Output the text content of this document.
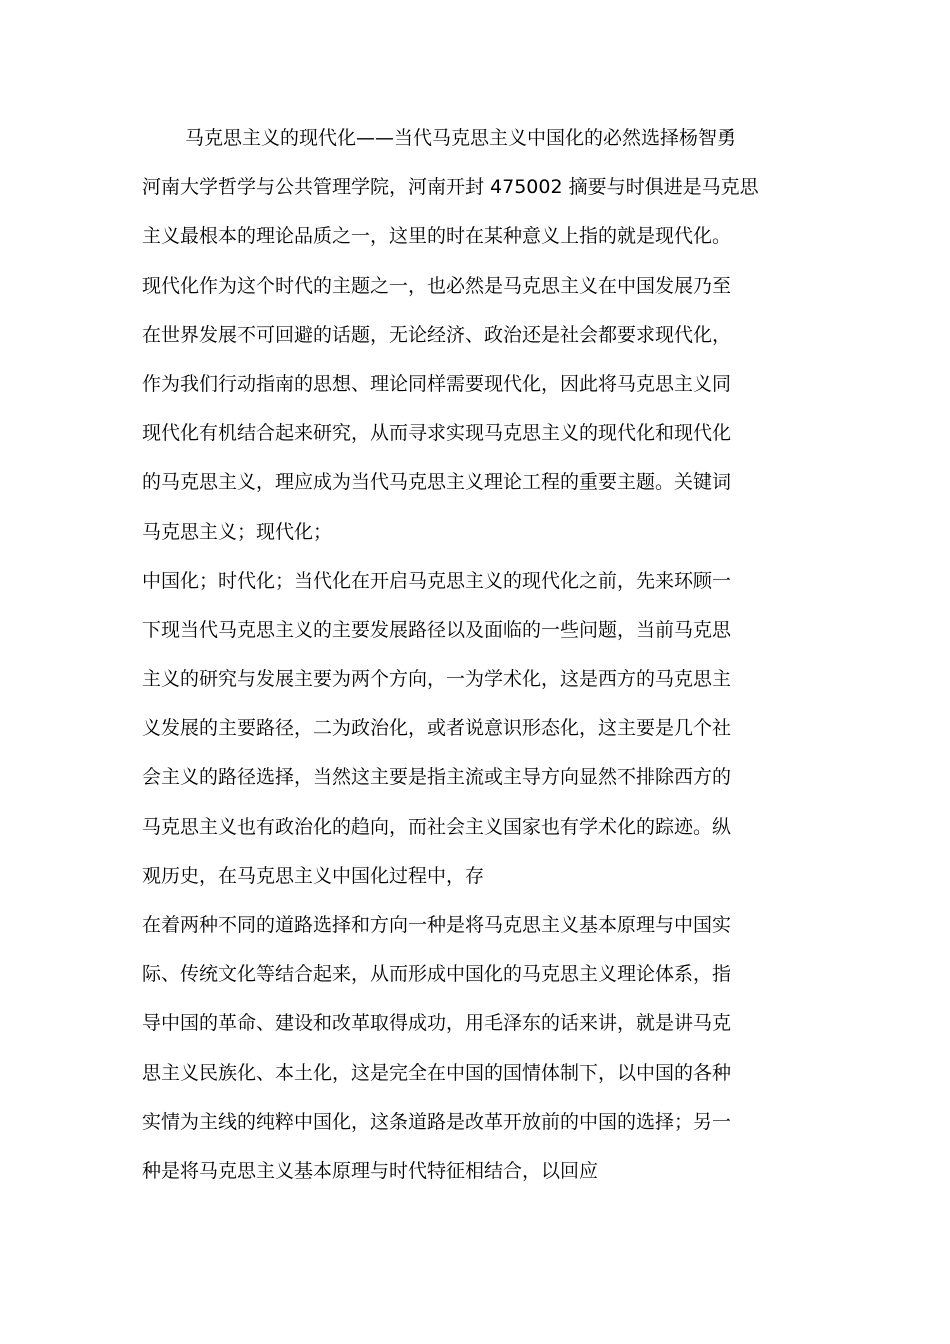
马克思主义的现代化——当代马克思主义中国化的必然选择杨智勇
河南大学哲学与公共管理学院，河南开封 475002 摘要与时俱进是马克思
主义最根本的理论品质之一，这里的时在某种意义上指的就是现代化。
现代化作为这个时代的主题之一，也必然是马克思主义在中国发展乃至
在世界发展不可回避的话题，无论经济、政治还是社会都要求现代化，
作为我们行动指南的思想、理论同样需要现代化，因此将马克思主义同
现代化有机结合起来研究，从而寻求实现马克思主义的现代化和现代化
的马克思主义，理应成为当代马克思主义理论工程的重要主题。关键词
马克思主义；现代化；
中国化；时代化；当代化在开启马克思主义的现代化之前，先来环顾一
下现当代马克思主义的主要发展路径以及面临的一些问题，当前马克思
主义的研究与发展主要为两个方向，一为学术化，这是西方的马克思主
义发展的主要路径，二为政治化，或者说意识形态化，这主要是几个社
会主义的路径选择，当然这主要是指主流或主导方向显然不排除西方的
马克思主义也有政治化的趋向，而社会主义国家也有学术化的踪迹。纵
观历史，在马克思主义中国化过程中，存
在着两种不同的道路选择和方向一种是将马克思主义基本原理与中国实
际、传统文化等结合起来，从而形成中国化的马克思主义理论体系，指
导中国的革命、建设和改革取得成功，用毛泽东的话来讲，就是讲马克
思主义民族化、本土化，这是完全在中国的国情体制下，以中国的各种
实情为主线的纯粹中国化，这条道路是改革开放前的中国的选择；另一
种是将马克思主义基本原理与时代特征相结合，以回应
